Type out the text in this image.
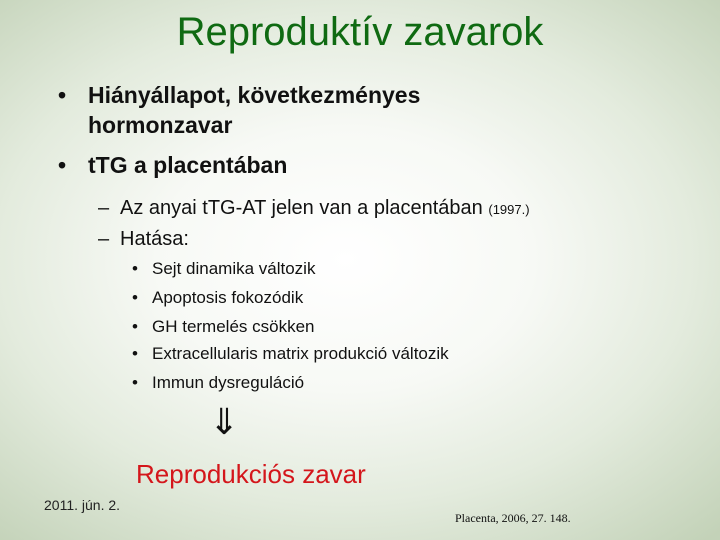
Reproduktív zavarok
• Hiányállapot, következményes
hormonzavar
• tTG a placentában
– Az anyai tTG-AT jelen van a placentában (1997.)
– Hatása:
• Sejt dinamika változik
• Apoptosis fokozódik
• GH termelés csökken
• Extracellularis matrix produkció változik
• Immun dysreguláció
⇓
Reprodukciós zavar
2011. jún. 2.
Placenta, 2006, 27. 148.
